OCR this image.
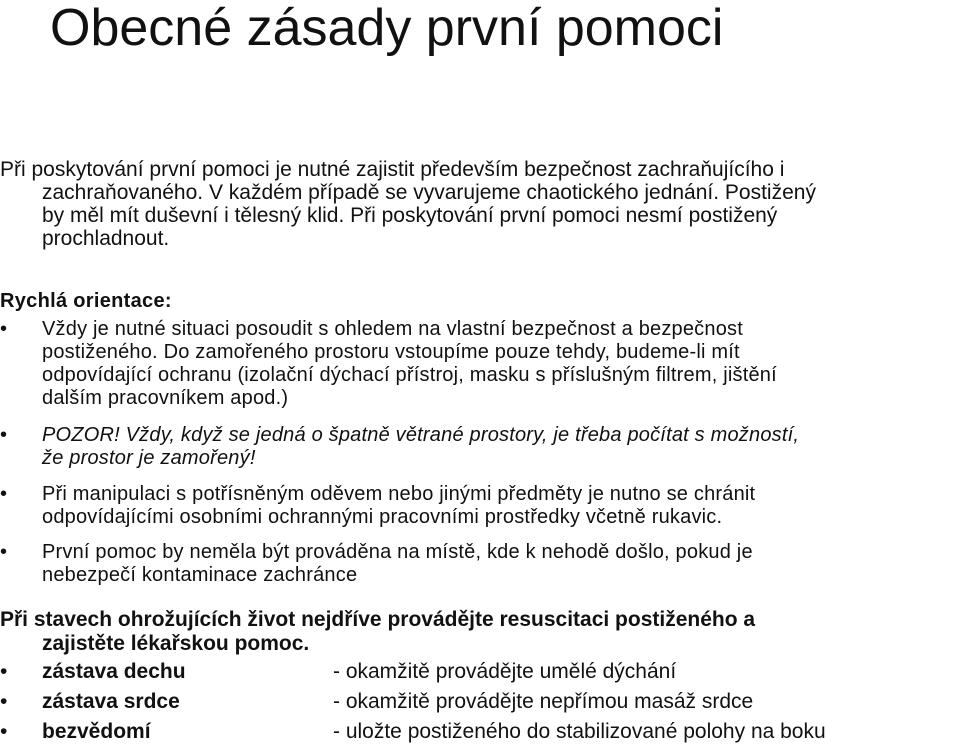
Obecné zásady první pomoci
Při poskytování první pomoci je nutné zajistit především bezpečnost zachraňujícího i
zachraňovaného. V každém případě se vyvarujeme chaotického jednání. Postižený
by měl mít duševní i tělesný klid. Při poskytování první pomoci nesmí postižený
prochladnout.
Rychlá orientace:
•	Vždy je nutné situaci posoudit s ohledem na vlastní bezpečnost a bezpečnost
postiženého. Do zamořeného prostoru vstoupíme pouze tehdy, budeme-li mít
odpovídající ochranu (izolační dýchací přístroj, masku s příslušným filtrem, jištění
dalším pracovníkem apod.)
•	POZOR! Vždy, když se jedná o špatně větrané prostory, je třeba počítat s možností,
že prostor je zamořený!
•	Při manipulaci s potřísněným oděvem nebo jinými předměty je nutno se chránit
odpovídajícími osobními ochrannými pracovními prostředky včetně rukavic.
•	První pomoc by neměla být prováděna na místě, kde k nehodě došlo, pokud je
nebezpečí kontaminace zachránce
Při stavech ohrožujících život nejdříve provádějte resuscitaci postiženého a
zajistěte lékařskou pomoc.
• zástava dechu	- okamžitě provádějte umělé dýchání
• zástava srdce	- okamžitě provádějte nepřímou masáž srdce
• bezvědomí	- uložte postiženého do stabilizované polohy na boku
